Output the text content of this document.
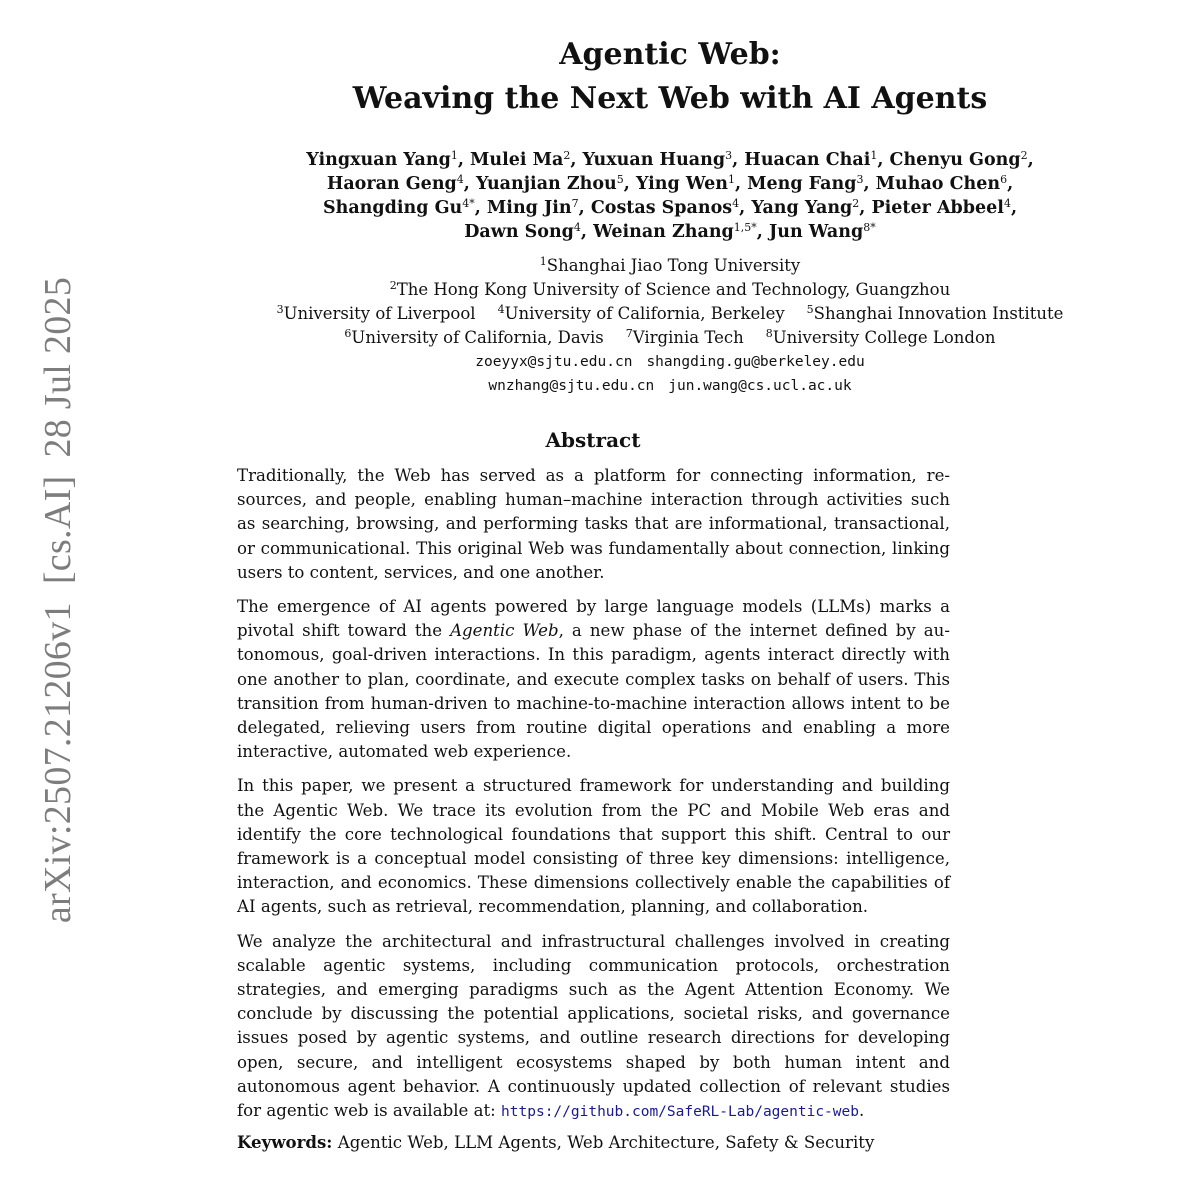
arXiv:2507.21206v1[cs.AI]28 Jul 2025
Agentic Web:
Weaving the Next Web with AI Agents
Yingxuan Yang$^1$, Mulei Ma$^2$, Yuxuan Huang$^3$, Huacan Chai$^1$, Chenyu Gong$^2$,
Haoran Geng$^4$, Yuanjian Zhou$^5$, Ying Wen$^1$, Meng Fang$^3$, Muhao Chen$^6$,
Shangding $Gu^{4*}$, Ming Jin$^7$, Costas Spanos$^4$, Yang Yang$^2$, Pieter Abbeel$^4$,
Dawn Song$^4$, Weinan Zhang$^{1,5*}$, Jun Wang$^{8*}$
$^1$Shanghai Jiao Tong University
$^2$The Hong Kong University of Science and Technology, Guangzhou
$^3$University of Liverpool $^4$University of California, Berkeley $^5$Shanghai Innovation Institute
$^6$University of California, Davis $^7$Virginia Tech $^8$University College London
zoeyyx@sjtu.edu.cn shangding.gu@berkeley.edu
wnzhang@sjtu.edu.cn jun.wang@cs.ucl.ac.uk
Abstract

Traditionally, the Web has served as a platform for connecting information, resources, and people, enabling human–machine interaction through activities such as searching, browsing, and performing tasks that are informational, transactional, or communicational. This original Web was fundamentally about connection, linking users to content, services, and one another.

The emergence of AI agents powered by large language models (LLMs) marks a pivotal shift toward the Agentic Web, a new phase of the internet defined by autonomous, goal-driven interactions. In this paradigm, agents interact directly with one another to plan, coordinate, and execute complex tasks on behalf of users. This transition from human-driven to machine-to-machine interaction allows intent to be delegated, relieving users from routine digital operations and enabling a more interactive, automated web experience.

In this paper, we present a structured framework for understanding and building the Agentic Web. We trace its evolution from the PC and Mobile Web eras and identify the core technological foundations that support this shift. Central to our framework is a conceptual model consisting of three key dimensions: intelligence, interaction, and economics. These dimensions collectively enable the capabilities of AI agents, such as retrieval, recommendation, planning, and collaboration.

We analyze the architectural and infrastructural challenges involved in creating scalable agentic systems, including communication protocols, orchestration strategies, and emerging paradigms such as the Agent Attention Economy. We conclude by discussing the potential applications, societal risks, and governance issues posed by agentic systems, and outline research directions for developing open, secure, and intelligent ecosystems shaped by both human intent and autonomous agent behavior. A continuously updated collection of relevant studies for agentic web is available at: https://github.com/SafeRL-Lab/agentic-web.

Keywords: Agentic Web, LLM Agents, Web Architecture, Safety & Security
